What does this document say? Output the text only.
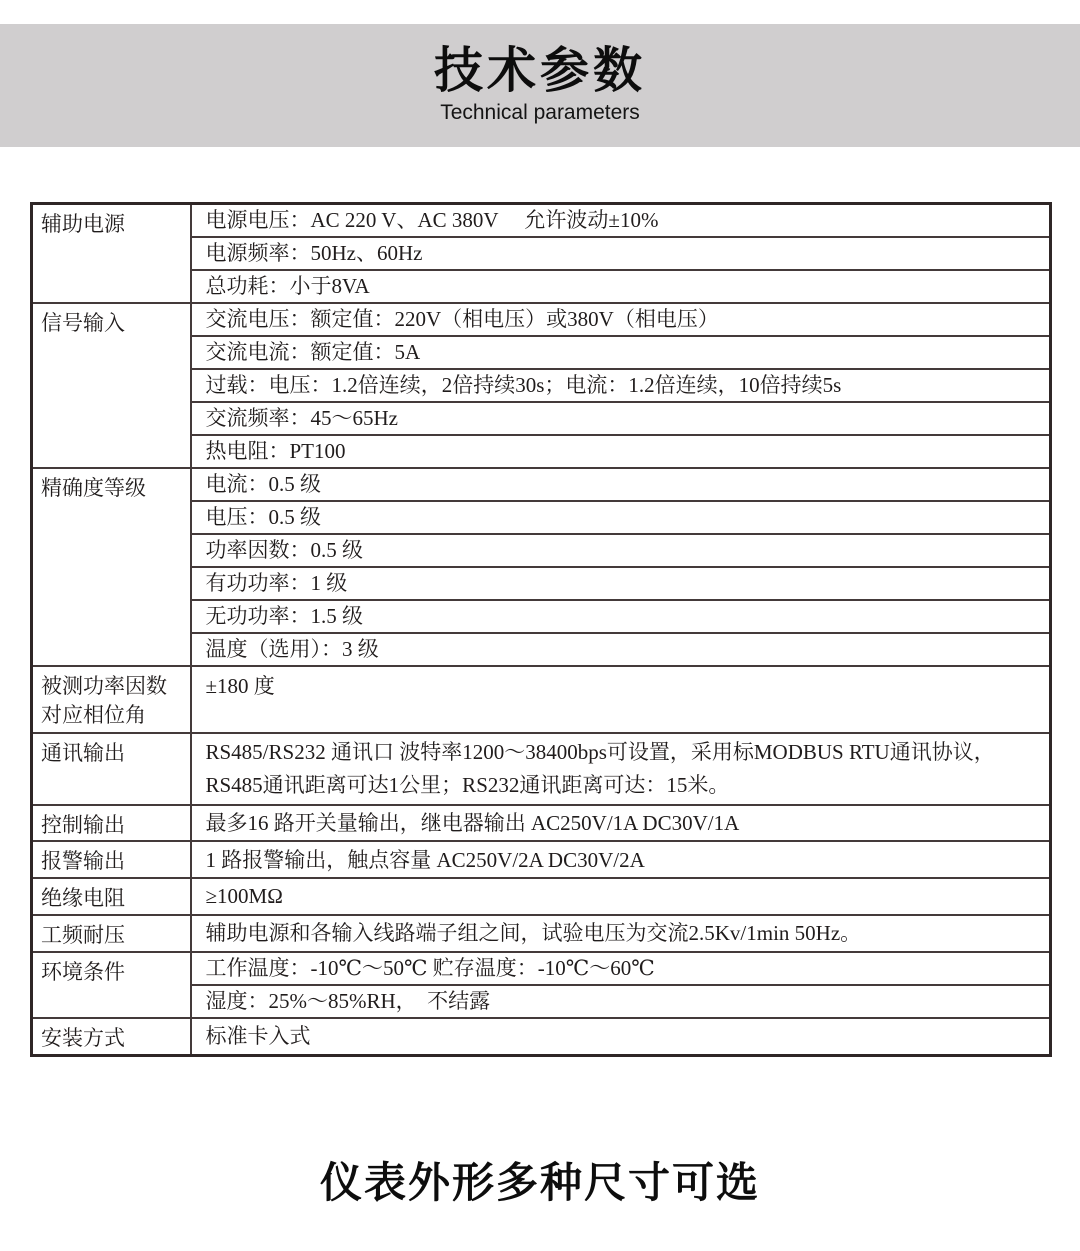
技术参数
Technical parameters
辅助电源	电源电压：AC 220 V、AC 380V　 允许波动±10%
	电源频率：50Hz、60Hz
	总功耗：小于8VA
信号输入	交流电压：额定值：220V（相电压）或380V（相电压）
	交流电流：额定值：5A
	过载：电压：1.2倍连续，2倍持续30s；电流：1.2倍连续，10倍持续5s
	交流频率：45～65Hz
	热电阻：PT100
精确度等级	电流：0.5 级
	电压：0.5 级
	功率因数：0.5 级
	有功功率：1 级
	无功功率：1.5 级
	温度（选用）：3 级
被测功率因数对应相位角	±180 度
通讯输出	RS485/RS232 通讯口 波特率1200～38400bps可设置，采用标MODBUS RTU通讯协议，RS485通讯距离可达1公里；RS232通讯距离可达：15米。
控制输出	最多16 路开关量输出，继电器输出 AC250V/1A DC30V/1A
报警输出	1 路报警输出，触点容量 AC250V/2A DC30V/2A
绝缘电阻	≥100MΩ
工频耐压	辅助电源和各输入线路端子组之间，试验电压为交流2.5Kv/1min 50Hz。
环境条件	工作温度：-10℃～50℃ 贮存温度：-10℃～60℃
	湿度：25%～85%RH，　不结露
安装方式	标准卡入式
仪表外形多种尺寸可选
